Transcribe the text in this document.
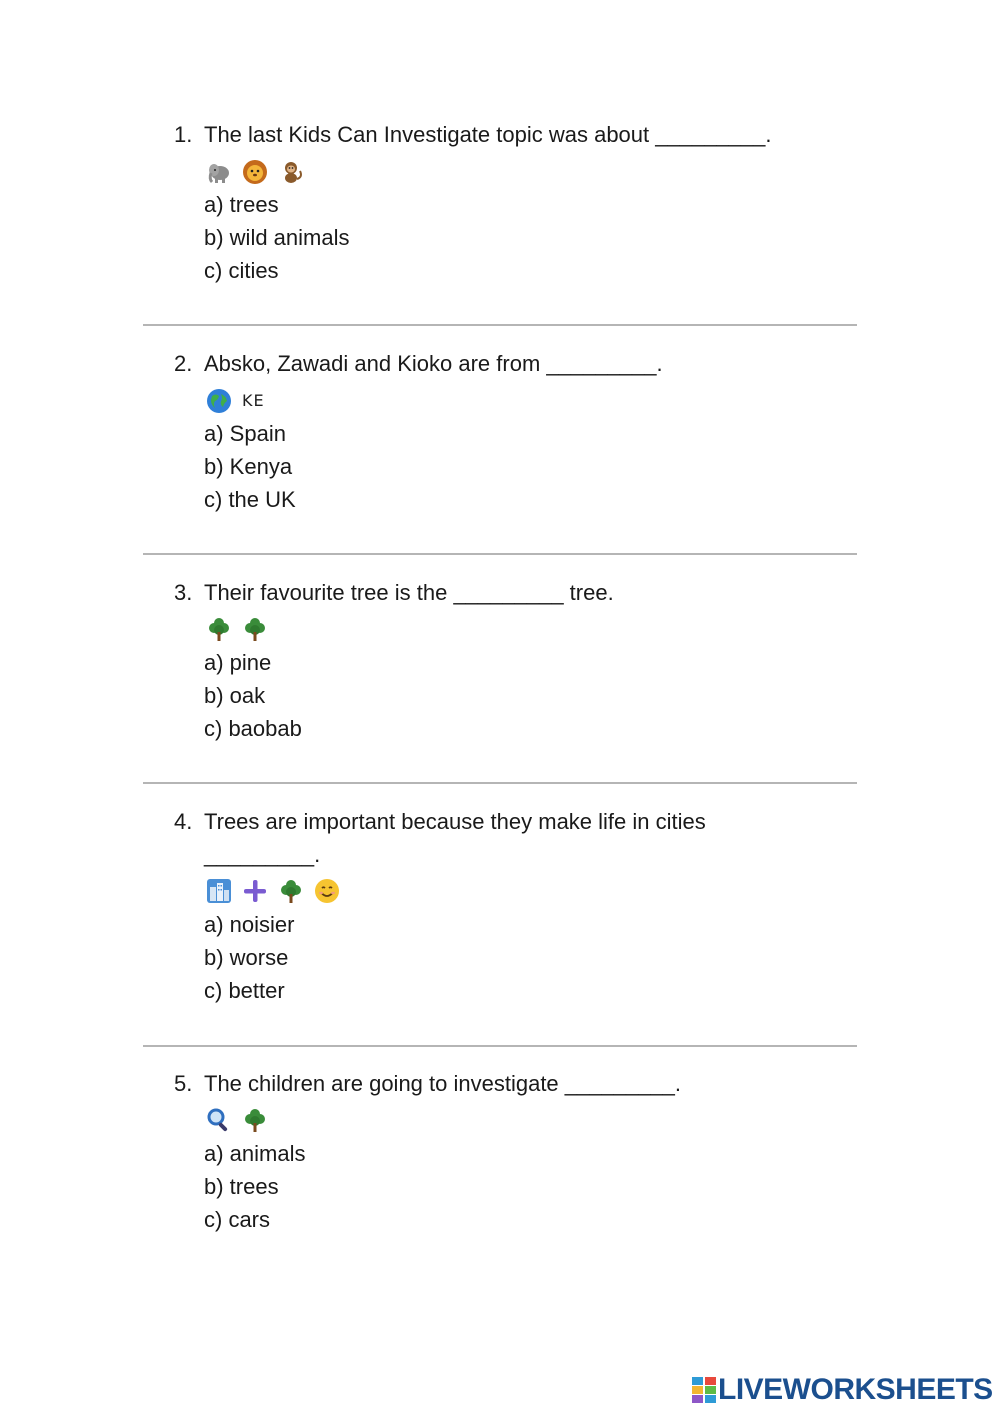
1. The last Kids Can Investigate topic was about _________.
a) trees
b) wild animals
c) cities
2. Absko, Zawadi and Kioko are from _________.
KE
a) Spain
b) Kenya
c) the UK
3. Their favourite tree is the _________ tree.
a) pine
b) oak
c) baobab
4. Trees are important because they make life in cities _________.
a) noisier
b) worse
c) better
5. The children are going to investigate _________.
a) animals
b) trees
c) cars
LIVEWORKSHEETS
